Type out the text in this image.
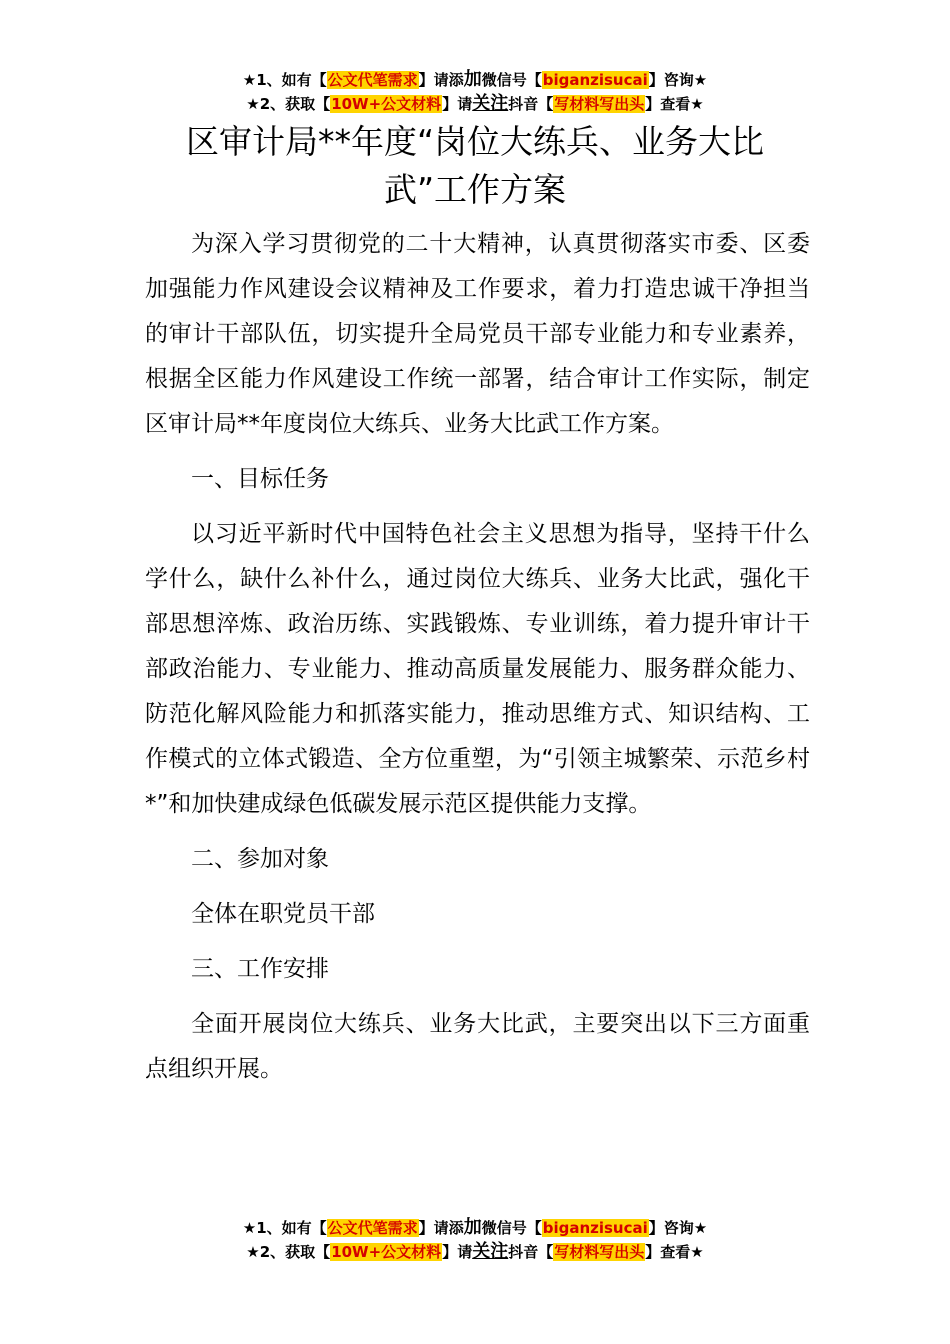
★1、如有【公文代笔需求】请添加微信号【biganzisucai】咨询★
★2、获取【10W+公文材料】请关注抖音【写材料写出头】查看★
区审计局**年度“岗位大练兵、业务大比武”工作方案

为深入学习贯彻党的二十大精神，认真贯彻落实市委、区委加强能力作风建设会议精神及工作要求，着力打造忠诚干净担当的审计干部队伍，切实提升全局党员干部专业能力和专业素养，根据全区能力作风建设工作统一部署，结合审计工作实际，制定区审计局**年度岗位大练兵、业务大比武工作方案。

一、目标任务

以习近平新时代中国特色社会主义思想为指导，坚持干什么学什么，缺什么补什么，通过岗位大练兵、业务大比武，强化干部思想淬炼、政治历练、实践锻炼、专业训练，着力提升审计干部政治能力、专业能力、推动高质量发展能力、服务群众能力、防范化解风险能力和抓落实能力，推动思维方式、知识结构、工作模式的立体式锻造、全方位重塑，为“引领主城繁荣、示范乡村*”和加快建成绿色低碳发展示范区提供能力支撑。

二、参加对象

全体在职党员干部

三、工作安排

全面开展岗位大练兵、业务大比武，主要突出以下三方面重点组织开展。

★1、如有【公文代笔需求】请添加微信号【biganzisucai】咨询★
★2、获取【10W+公文材料】请关注抖音【写材料写出头】查看★
